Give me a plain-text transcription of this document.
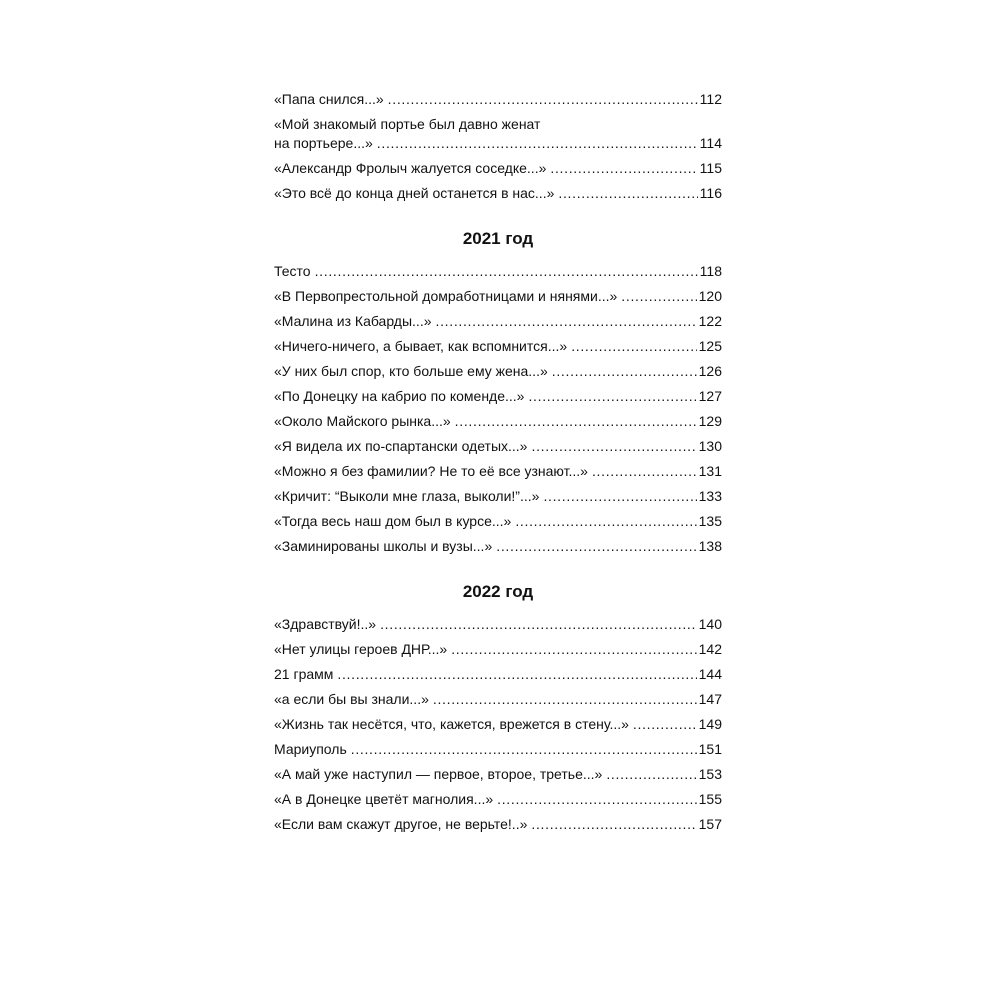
«Папа снился...» . . .	112
«Мой знакомый портье был давно женат
на портьере...» . . .	114
«Александр Фролыч жалуется соседке...» . . .	115
«Это всё до конца дней останется в нас...» . . .	116
2021 год
Тесто . . .	118
«В Первопрестольной домработницами и нянями...» . . .	120
«Малина из Кабарды...» . . .	122
«Ничего-ничего, а бывает, как вспомнится...» . . .	125
«У них был спор, кто больше ему жена...» . . .	126
«По Донецку на кабрио по коменде...» . . .	127
«Около Майского рынка...» . . .	129
«Я видела их по-спартански одетых...» . . .	130
«Можно я без фамилии? Не то её все узнают...» . . .	131
«Кричит: “Выколи мне глаза, выколи!”...» . . .	133
«Тогда весь наш дом был в курсе...» . . .	135
«Заминированы школы и вузы...» . . .	138
2022 год
«Здравствуй!..» . . .	140
«Нет улицы героев ДНР...» . . .	142
21 грамм . . .	144
«а если бы вы знали...» . . .	147
«Жизнь так несётся, что, кажется, врежется в стену...» . . .	149
Мариуполь . . .	151
«А май уже наступил — первое, второе, третье...» . . .	153
«А в Донецке цветёт магнолия...» . . .	155
«Если вам скажут другое, не верьте!..» . . .	157
